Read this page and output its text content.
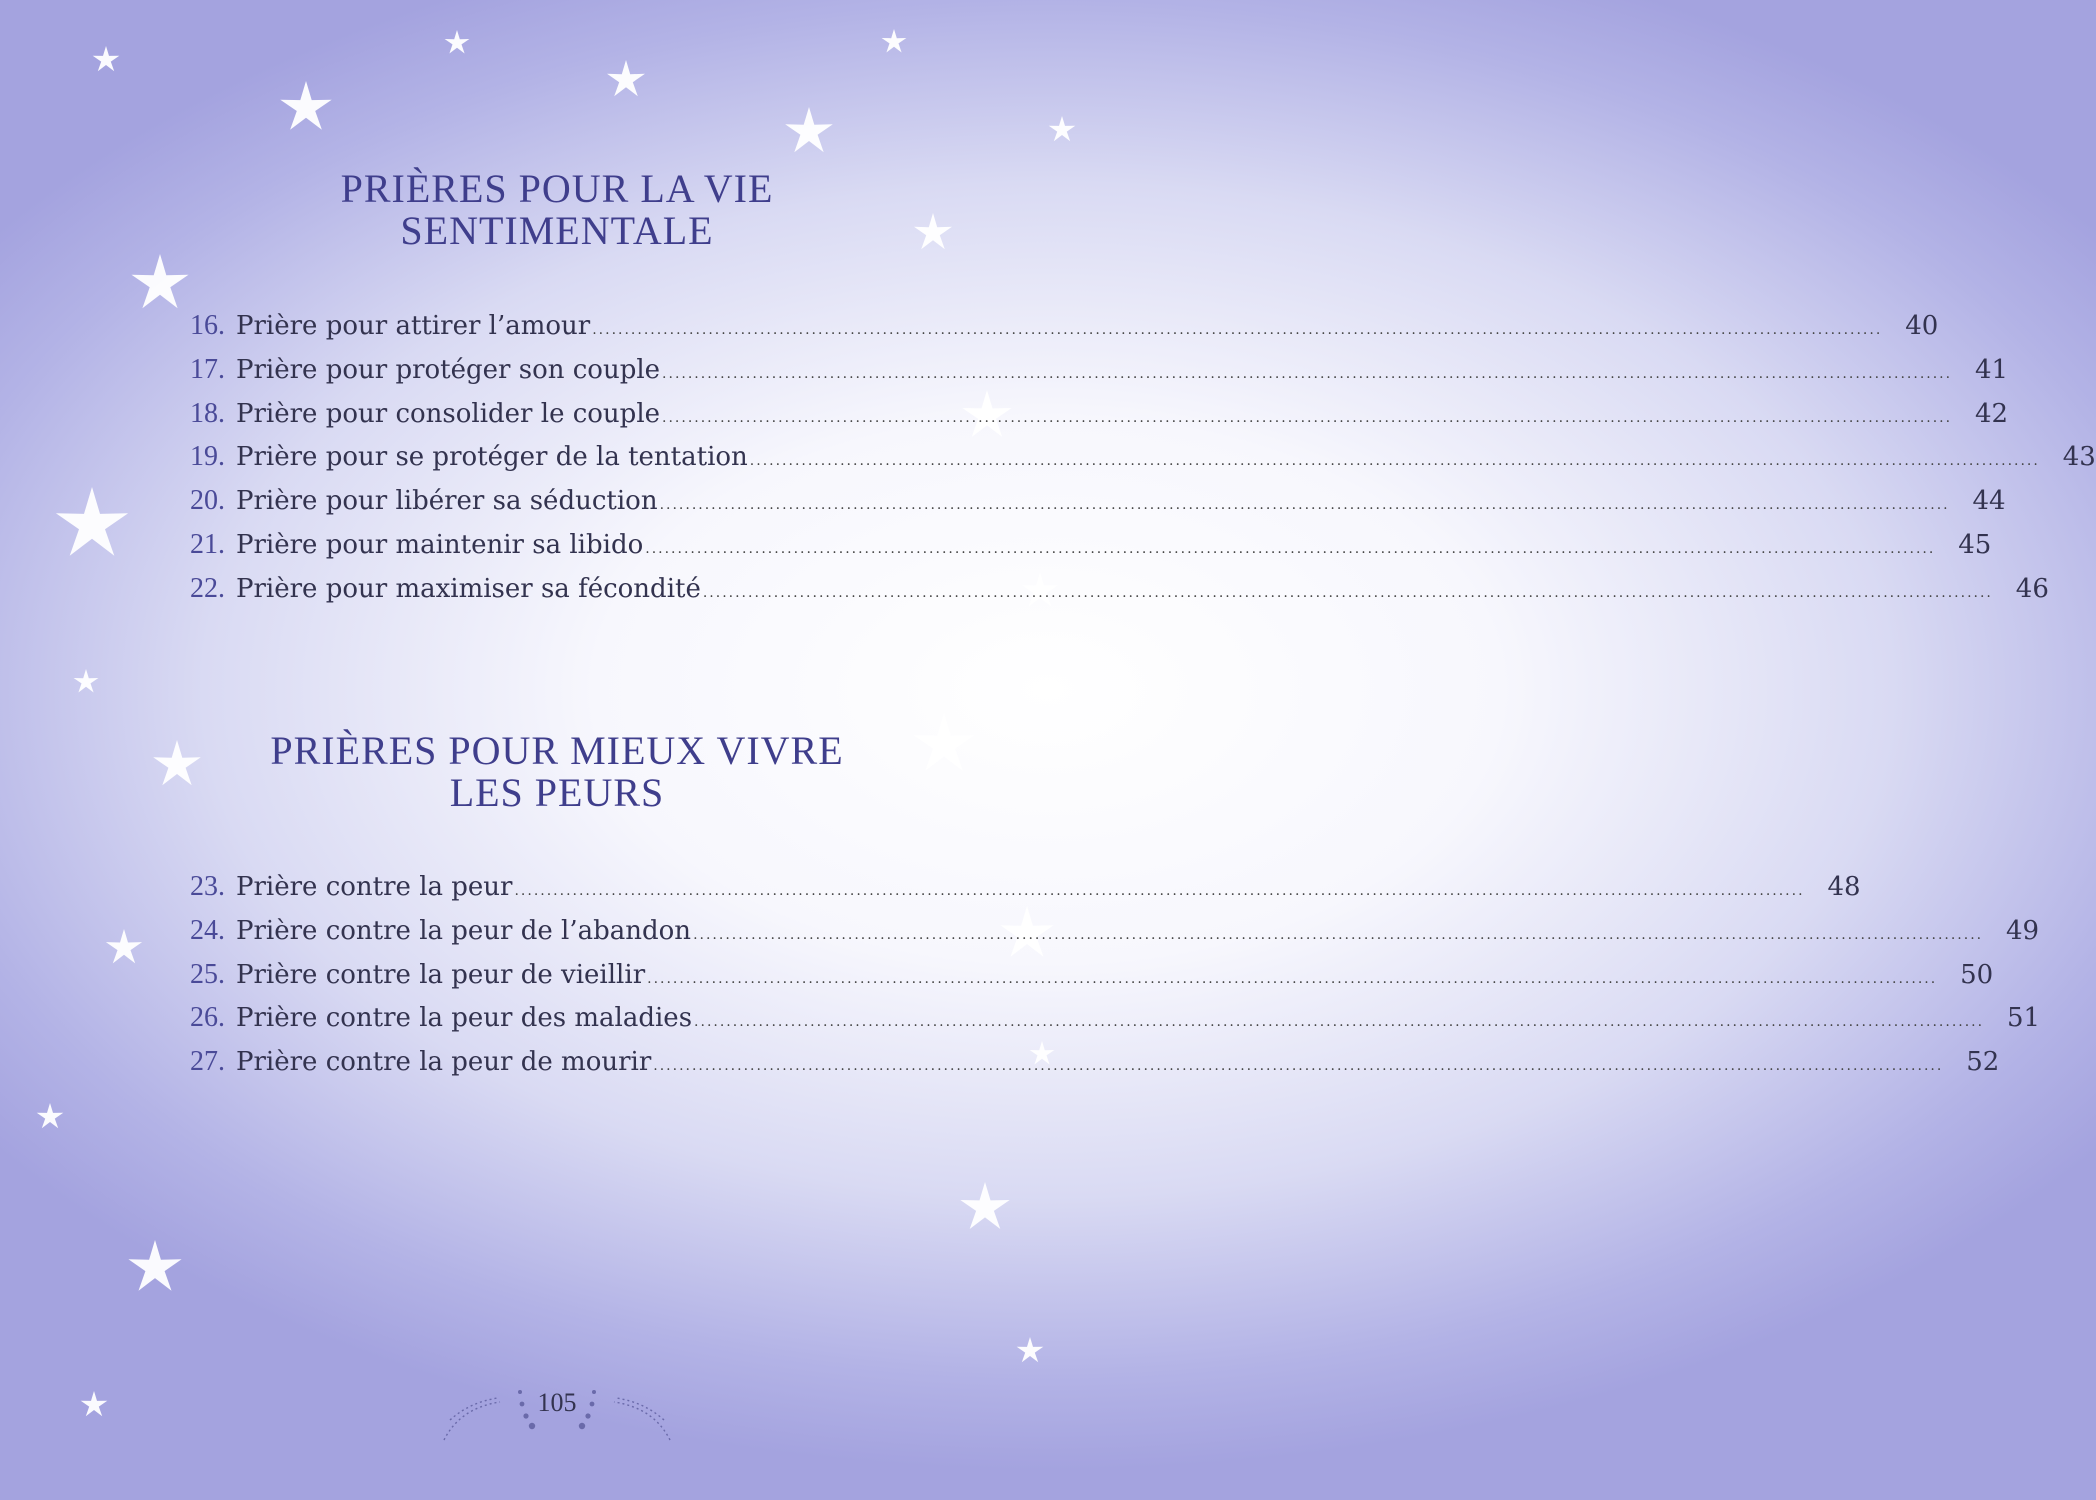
PRIÈRES POUR LA VIE
SENTIMENTALE
16. Prière pour attirer l’amour ........................................................................................................................................................................................................ 40
17. Prière pour protéger son couple ........................................................................................................................................................................................................ 41
18. Prière pour consolider le couple ........................................................................................................................................................................................................ 42
19. Prière pour se protéger de la tentation ........................................................................................................................................................................................................ 43
20. Prière pour libérer sa séduction ........................................................................................................................................................................................................ 44
21. Prière pour maintenir sa libido ........................................................................................................................................................................................................ 45
22. Prière pour maximiser sa fécondité ........................................................................................................................................................................................................ 46
PRIÈRES POUR MIEUX VIVRE
LES PEURS
23. Prière contre la peur ........................................................................................................................................................................................................ 48
24. Prière contre la peur de l’abandon ........................................................................................................................................................................................................ 49
25. Prière contre la peur de vieillir ........................................................................................................................................................................................................ 50
26. Prière contre la peur des maladies ........................................................................................................................................................................................................ 51
27. Prière contre la peur de mourir ........................................................................................................................................................................................................ 52
105
